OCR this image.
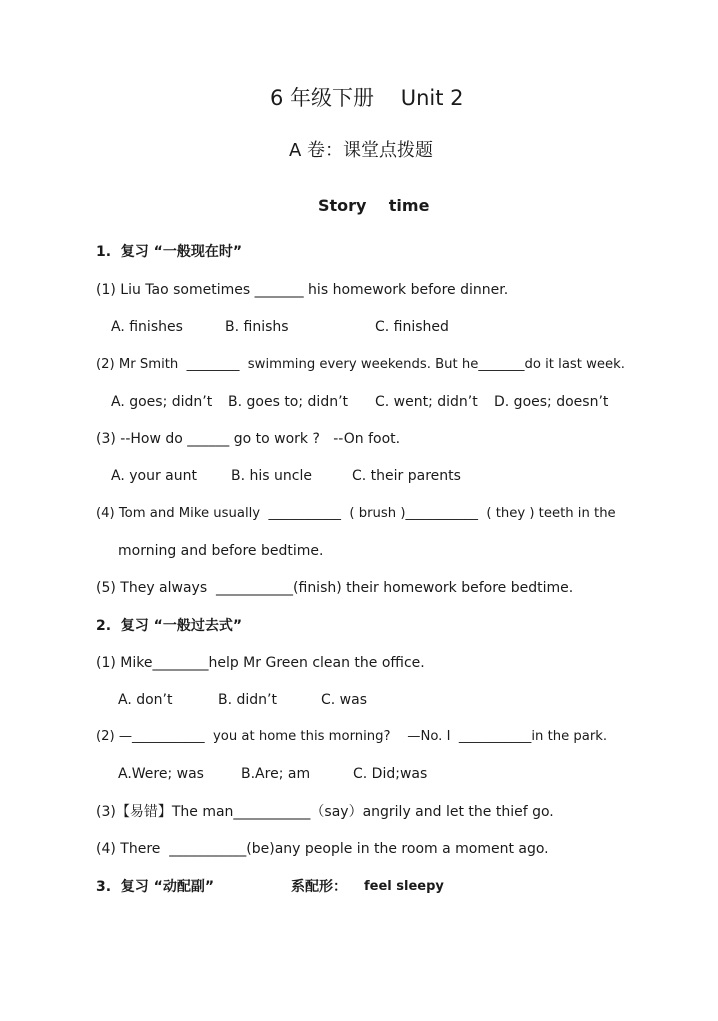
6 年级下册    Unit 2
A 卷：课堂点拨题
Story    time
1.  复习 “一般现在时”
(1) Liu Tao sometimes _______ his homework before dinner.
A. finishes	B. finishs	C. finished
(2) Mr Smith  ________  swimming every weekends. But he_______do it last week.
A. goes; didn’t B. goes to; didn’t C. went; didn’t D. goes; doesn’t
(3) --How do ______ go to work ?   --On foot.
A. your aunt B. his uncle	C. their parents
(4) Tom and Mike usually  ___________  ( brush )___________  ( they ) teeth in the
morning and before bedtime.
(5) They always  ___________(finish) their homework before bedtime.
2.  复习 “一般过去式”
(1) Mike________help Mr Green clean the office.
A. don’t	B. didn’t	C. was
(2) —___________  you at home this morning?    —No. I  ___________in the park.
A.Were; was	B.Are; am	C. Did;was
(3)【易错】The man___________（say）angrily and let the thief go.
(4) There  ___________(be)any people in the room a moment ago.
3.  复习 “动配副”	系配形： feel sleepy
